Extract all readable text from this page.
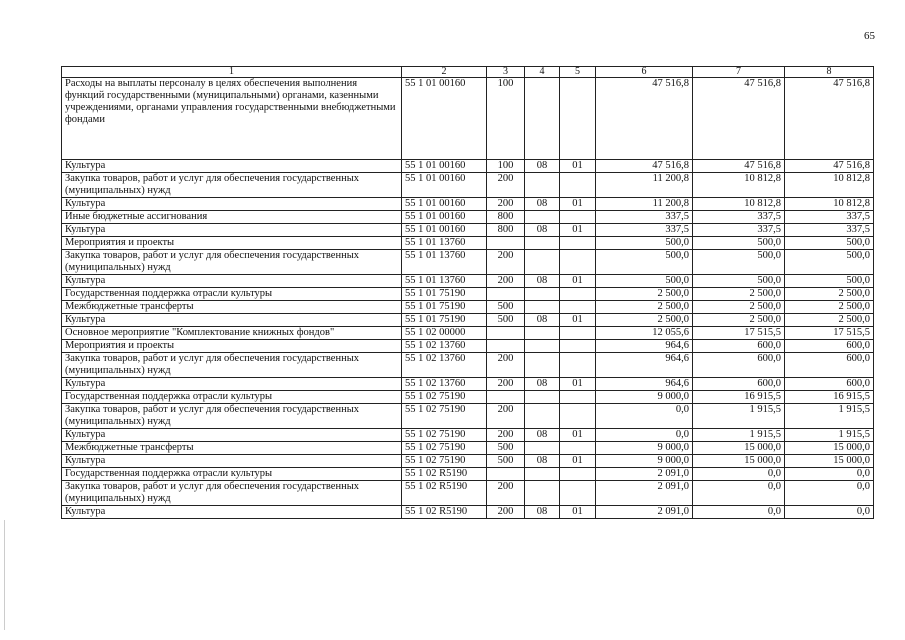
65
1	2	3	4	5	6	7	8
Расходы на выплаты персоналу в целях обеспечения выполнения функций государственными (муниципальными) органами, казенными учреждениями, органами управления государственными внебюджетными фондами	55 1 01 00160	100			47 516,8	47 516,8	47 516,8
Культура	55 1 01 00160	100	08	01	47 516,8	47 516,8	47 516,8
Закупка товаров, работ и услуг для обеспечения государственных (муниципальных) нужд	55 1 01 00160	200			11 200,8	10 812,8	10 812,8
Культура	55 1 01 00160	200	08	01	11 200,8	10 812,8	10 812,8
Иные бюджетные ассигнования	55 1 01 00160	800			337,5	337,5	337,5
Культура	55 1 01 00160	800	08	01	337,5	337,5	337,5
Мероприятия и проекты	55 1 01 13760				500,0	500,0	500,0
Закупка товаров, работ и услуг для обеспечения государственных (муниципальных) нужд	55 1 01 13760	200			500,0	500,0	500,0
Культура	55 1 01 13760	200	08	01	500,0	500,0	500,0
Государственная поддержка отрасли культуры	55 1 01 75190				2 500,0	2 500,0	2 500,0
Межбюджетные трансферты	55 1 01 75190	500			2 500,0	2 500,0	2 500,0
Культура	55 1 01 75190	500	08	01	2 500,0	2 500,0	2 500,0
Основное мероприятие "Комплектование книжных фондов"	55 1 02 00000				12 055,6	17 515,5	17 515,5
Мероприятия и проекты	55 1 02 13760				964,6	600,0	600,0
Закупка товаров, работ и услуг для обеспечения государственных (муниципальных) нужд	55 1 02 13760	200			964,6	600,0	600,0
Культура	55 1 02 13760	200	08	01	964,6	600,0	600,0
Государственная поддержка отрасли культуры	55 1 02 75190				9 000,0	16 915,5	16 915,5
Закупка товаров, работ и услуг для обеспечения государственных (муниципальных) нужд	55 1 02 75190	200			0,0	1 915,5	1 915,5
Культура	55 1 02 75190	200	08	01	0,0	1 915,5	1 915,5
Межбюджетные трансферты	55 1 02 75190	500			9 000,0	15 000,0	15 000,0
Культура	55 1 02 75190	500	08	01	9 000,0	15 000,0	15 000,0
Государственная поддержка отрасли культуры	55 1 02 R5190				2 091,0	0,0	0,0
Закупка товаров, работ и услуг для обеспечения государственных (муниципальных) нужд	55 1 02 R5190	200			2 091,0	0,0	0,0
Культура	55 1 02 R5190	200	08	01	2 091,0	0,0	0,0
